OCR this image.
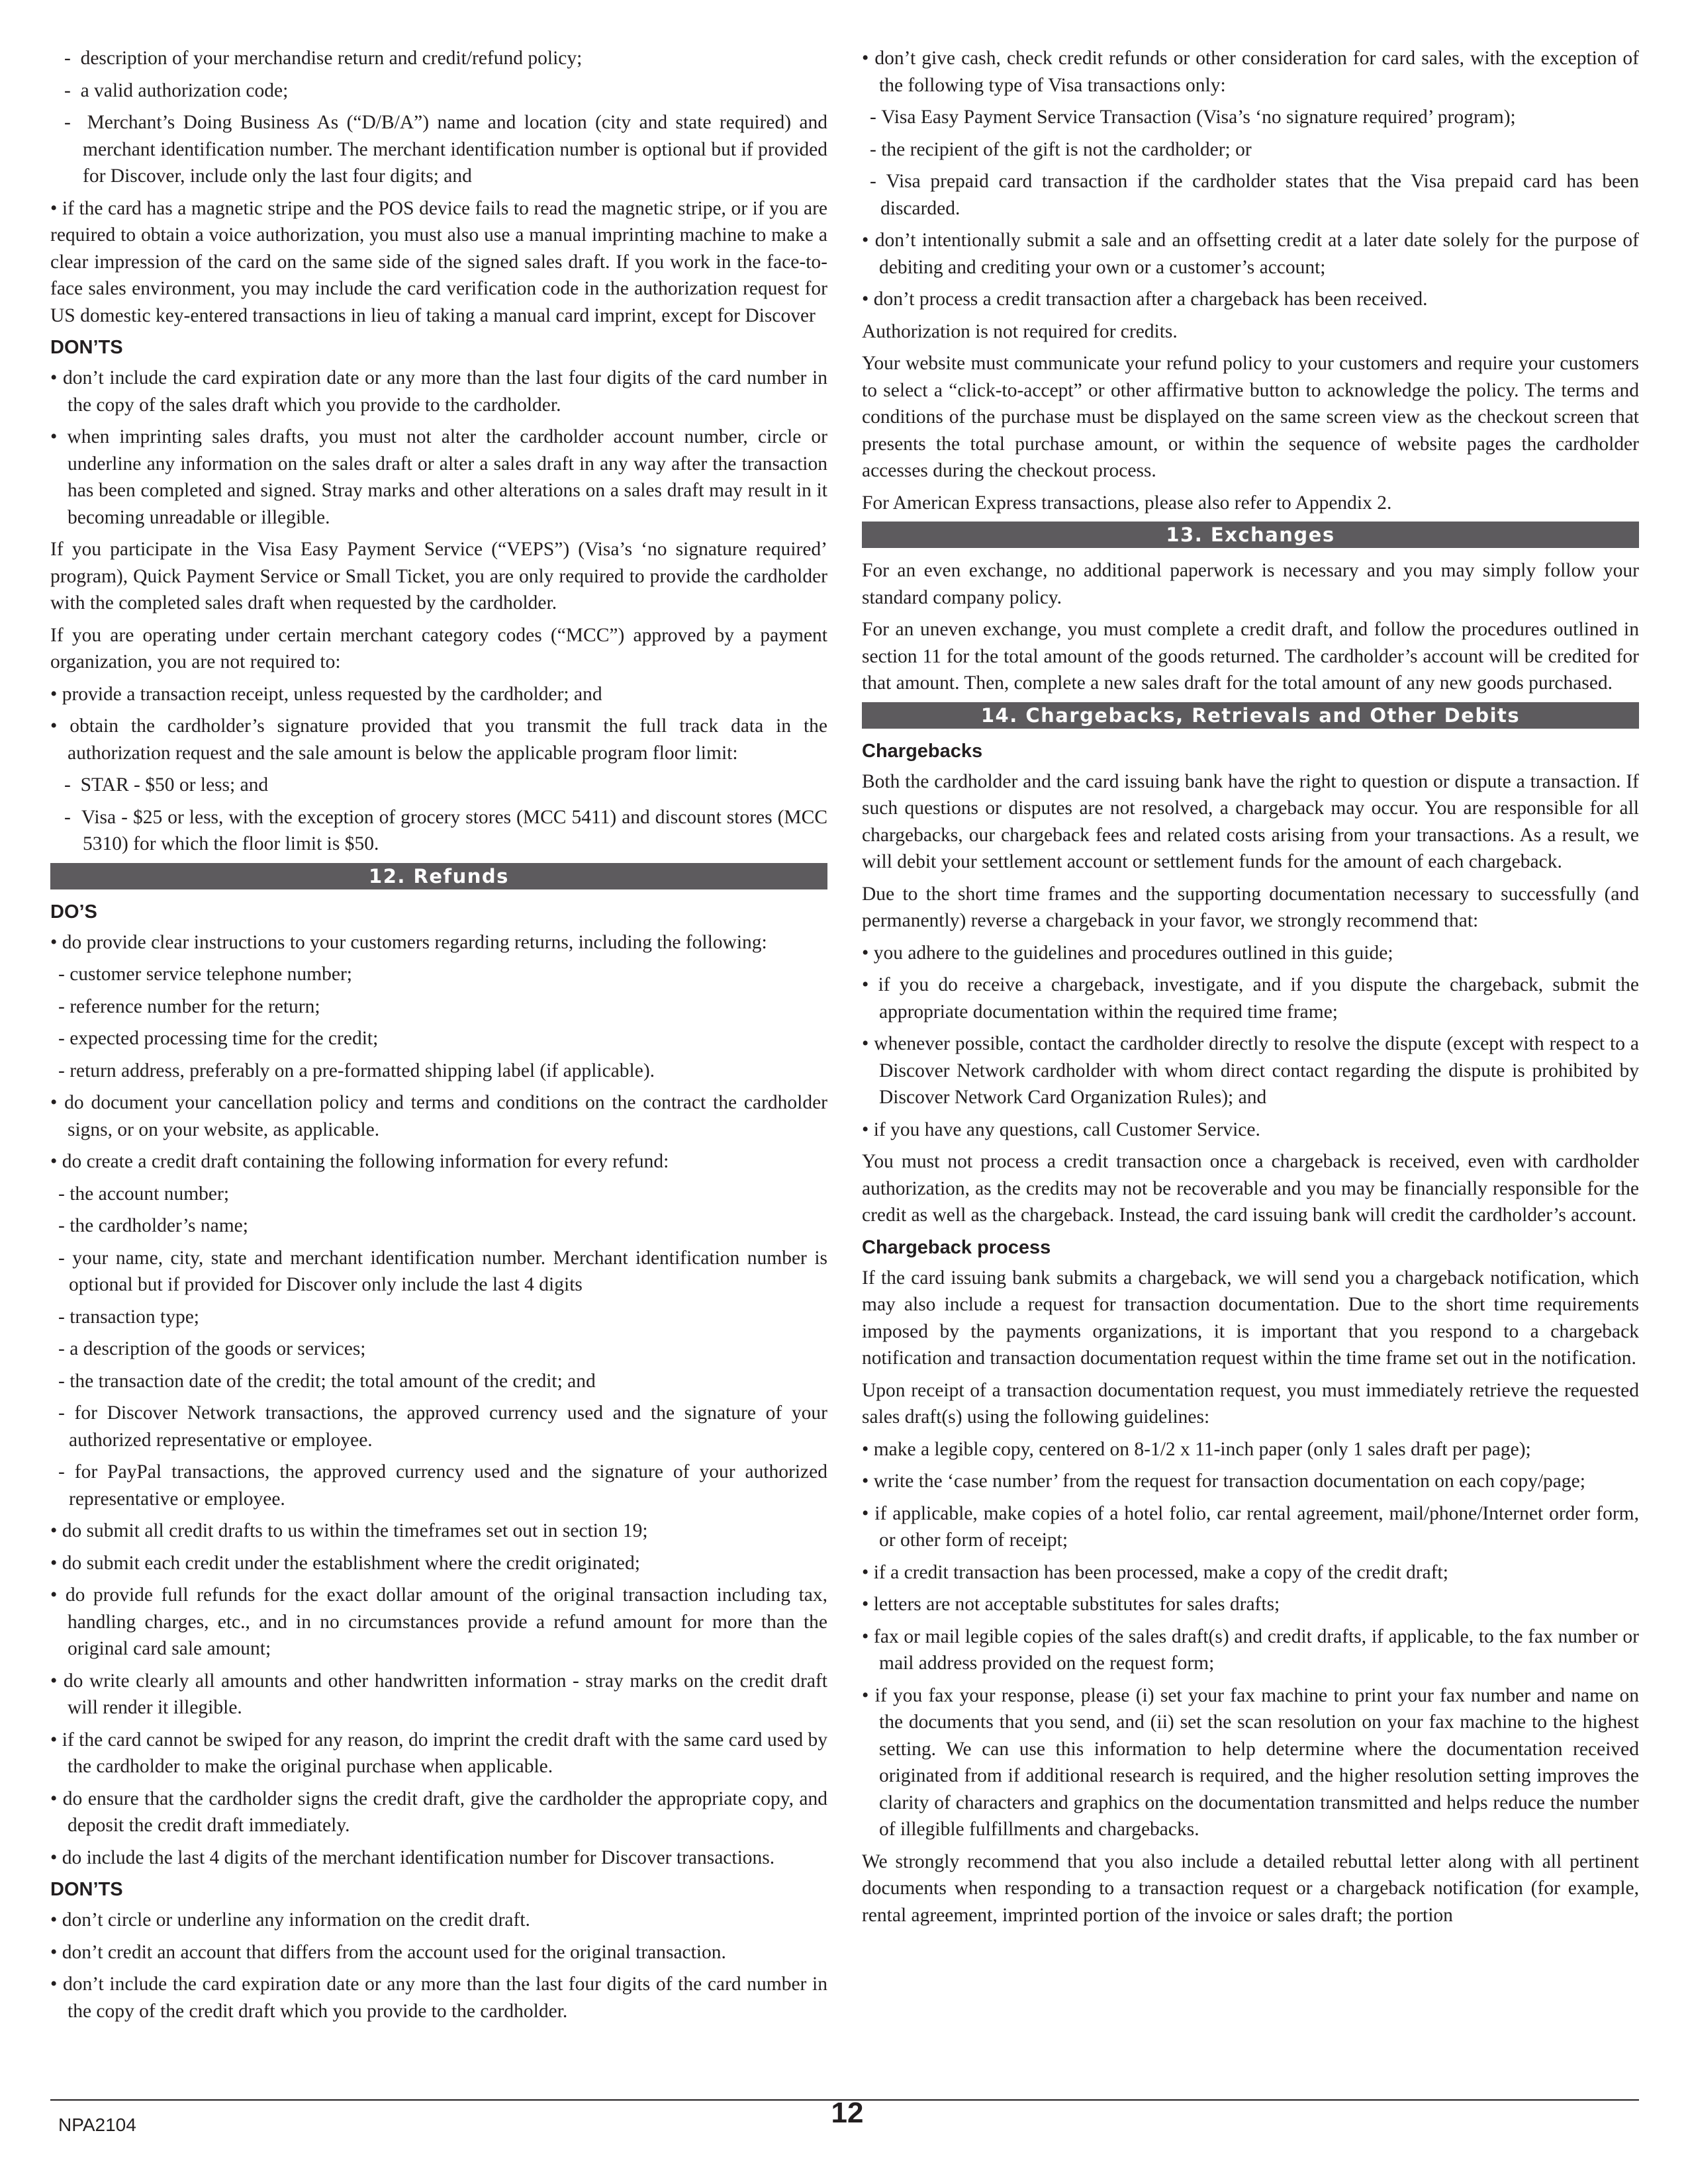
-  description of your merchandise return and credit/refund policy;

-  a valid authorization code;

-  Merchant’s Doing Business As (“D/B/A”) name and location (city and state required) and merchant identification number. The merchant identification number is optional but if provided for Discover, include only the last four digits; and

• if the card has a magnetic stripe and the POS device fails to read the magnetic stripe, or if you are required to obtain a voice authorization, you must also use a manual imprinting machine to make a clear impression of the card on the same side of the signed sales draft. If you work in the face-to-face sales environment, you may include the card verification code in the authorization request for US domestic key-entered transactions in lieu of taking a manual card imprint, except for Discover

DON’TS

• don’t include the card expiration date or any more than the last four digits of the card number in the copy of the sales draft which you provide to the cardholder.

• when imprinting sales drafts, you must not alter the cardholder account number, circle or underline any information on the sales draft or alter a sales draft in any way after the transaction has been completed and signed. Stray marks and other alterations on a sales draft may result in it becoming unreadable or illegible.

If you participate in the Visa Easy Payment Service (“VEPS”) (Visa’s ‘no signature required’ program), Quick Payment Service or Small Ticket, you are only required to provide the cardholder with the completed sales draft when requested by the cardholder.

If you are operating under certain merchant category codes (“MCC”) approved by a payment organization, you are not required to:

• provide a transaction receipt, unless requested by the cardholder; and

• obtain the cardholder’s signature provided that you transmit the full track data in the authorization request and the sale amount is below the applicable program floor limit:

-  STAR - $50 or less; and

-  Visa - $25 or less, with the exception of grocery stores (MCC 5411) and discount stores (MCC 5310) for which the floor limit is $50.

12. Refunds
DO’S

• do provide clear instructions to your customers regarding returns, including the following:

- customer service telephone number;

- reference number for the return;

- expected processing time for the credit;

- return address, preferably on a pre-formatted shipping label (if applicable).

• do document your cancellation policy and terms and conditions on the contract the cardholder signs, or on your website, as applicable.

• do create a credit draft containing the following information for every refund:

- the account number;

- the cardholder’s name;

- your name, city, state and merchant identification number. Merchant identification number is optional but if provided for Discover only include the last 4 digits

- transaction type;

- a description of the goods or services;

- the transaction date of the credit; the total amount of the credit; and

- for Discover Network transactions, the approved currency used and the signature of your authorized representative or employee.

- for PayPal transactions, the approved currency used and the signature of your authorized representative or employee.

• do submit all credit drafts to us within the timeframes set out in section 19;

• do submit each credit under the establishment where the credit originated;

• do provide full refunds for the exact dollar amount of the original transaction including tax, handling charges, etc., and in no circumstances provide a refund amount for more than the original card sale amount;

• do write clearly all amounts and other handwritten information - stray marks on the credit draft will render it illegible.

• if the card cannot be swiped for any reason, do imprint the credit draft with the same card used by the cardholder to make the original purchase when applicable.

• do ensure that the cardholder signs the credit draft, give the cardholder the appropriate copy, and deposit the credit draft immediately.

• do include the last 4 digits of the merchant identification number for Discover transactions.

DON’TS

• don’t circle or underline any information on the credit draft.

• don’t credit an account that differs from the account used for the original transaction.

• don’t include the card expiration date or any more than the last four digits of the card number in the copy of the credit draft which you provide to the cardholder.

• don’t give cash, check credit refunds or other consideration for card sales, with the exception of the following type of Visa transactions only:

- Visa Easy Payment Service Transaction (Visa’s ‘no signature required’ program);

- the recipient of the gift is not the cardholder; or

- Visa prepaid card transaction if the cardholder states that the Visa prepaid card has been discarded.

• don’t intentionally submit a sale and an offsetting credit at a later date solely for the purpose of debiting and crediting your own or a customer’s account;

• don’t process a credit transaction after a chargeback has been received.

Authorization is not required for credits.

Your website must communicate your refund policy to your customers and require your customers to select a “click-to-accept” or other affirmative button to acknowledge the policy. The terms and conditions of the purchase must be displayed on the same screen view as the checkout screen that presents the total purchase amount, or within the sequence of website pages the cardholder accesses during the checkout process.

For American Express transactions, please also refer to Appendix 2.

13. Exchanges

For an even exchange, no additional paperwork is necessary and you may simply follow your standard company policy.

For an uneven exchange, you must complete a credit draft, and follow the procedures outlined in section 11 for the total amount of the goods returned. The cardholder’s account will be credited for that amount. Then, complete a new sales draft for the total amount of any new goods purchased.

14. Chargebacks, Retrievals and Other Debits
Chargebacks

Both the cardholder and the card issuing bank have the right to question or dispute a transaction. If such questions or disputes are not resolved, a chargeback may occur. You are responsible for all chargebacks, our chargeback fees and related costs arising from your transactions. As a result, we will debit your settlement account or settlement funds for the amount of each chargeback.

Due to the short time frames and the supporting documentation necessary to successfully (and permanently) reverse a chargeback in your favor, we strongly recommend that:

• you adhere to the guidelines and procedures outlined in this guide;

• if you do receive a chargeback, investigate, and if you dispute the chargeback, submit the appropriate documentation within the required time frame;

• whenever possible, contact the cardholder directly to resolve the dispute (except with respect to a Discover Network cardholder with whom direct contact regarding the dispute is prohibited by Discover Network Card Organization Rules); and

• if you have any questions, call Customer Service.

You must not process a credit transaction once a chargeback is received, even with cardholder authorization, as the credits may not be recoverable and you may be financially responsible for the credit as well as the chargeback. Instead, the card issuing bank will credit the cardholder’s account.

Chargeback process

If the card issuing bank submits a chargeback, we will send you a chargeback notification, which may also include a request for transaction documentation. Due to the short time requirements imposed by the payments organizations, it is important that you respond to a chargeback notification and transaction documentation request within the time frame set out in the notification.

Upon receipt of a transaction documentation request, you must immediately retrieve the requested sales draft(s) using the following guidelines:

• make a legible copy, centered on 8-1/2 x 11-inch paper (only 1 sales draft per page);

• write the ‘case number’ from the request for transaction documentation on each copy/page;

• if applicable, make copies of a hotel folio, car rental agreement, mail/phone/Internet order form, or other form of receipt;

• if a credit transaction has been processed, make a copy of the credit draft;

• letters are not acceptable substitutes for sales drafts;

• fax or mail legible copies of the sales draft(s) and credit drafts, if applicable, to the fax number or mail address provided on the request form;

• if you fax your response, please (i) set your fax machine to print your fax number and name on the documents that you send, and (ii) set the scan resolution on your fax machine to the highest setting. We can use this information to help determine where the documentation received originated from if additional research is required, and the higher resolution setting improves the clarity of characters and graphics on the documentation transmitted and helps reduce the number of illegible fulfillments and chargebacks.

We strongly recommend that you also include a detailed rebuttal letter along with all pertinent documents when responding to a transaction request or a chargeback notification (for example, rental agreement, imprinted portion of the invoice or sales draft; the portion

NPA2104	12
